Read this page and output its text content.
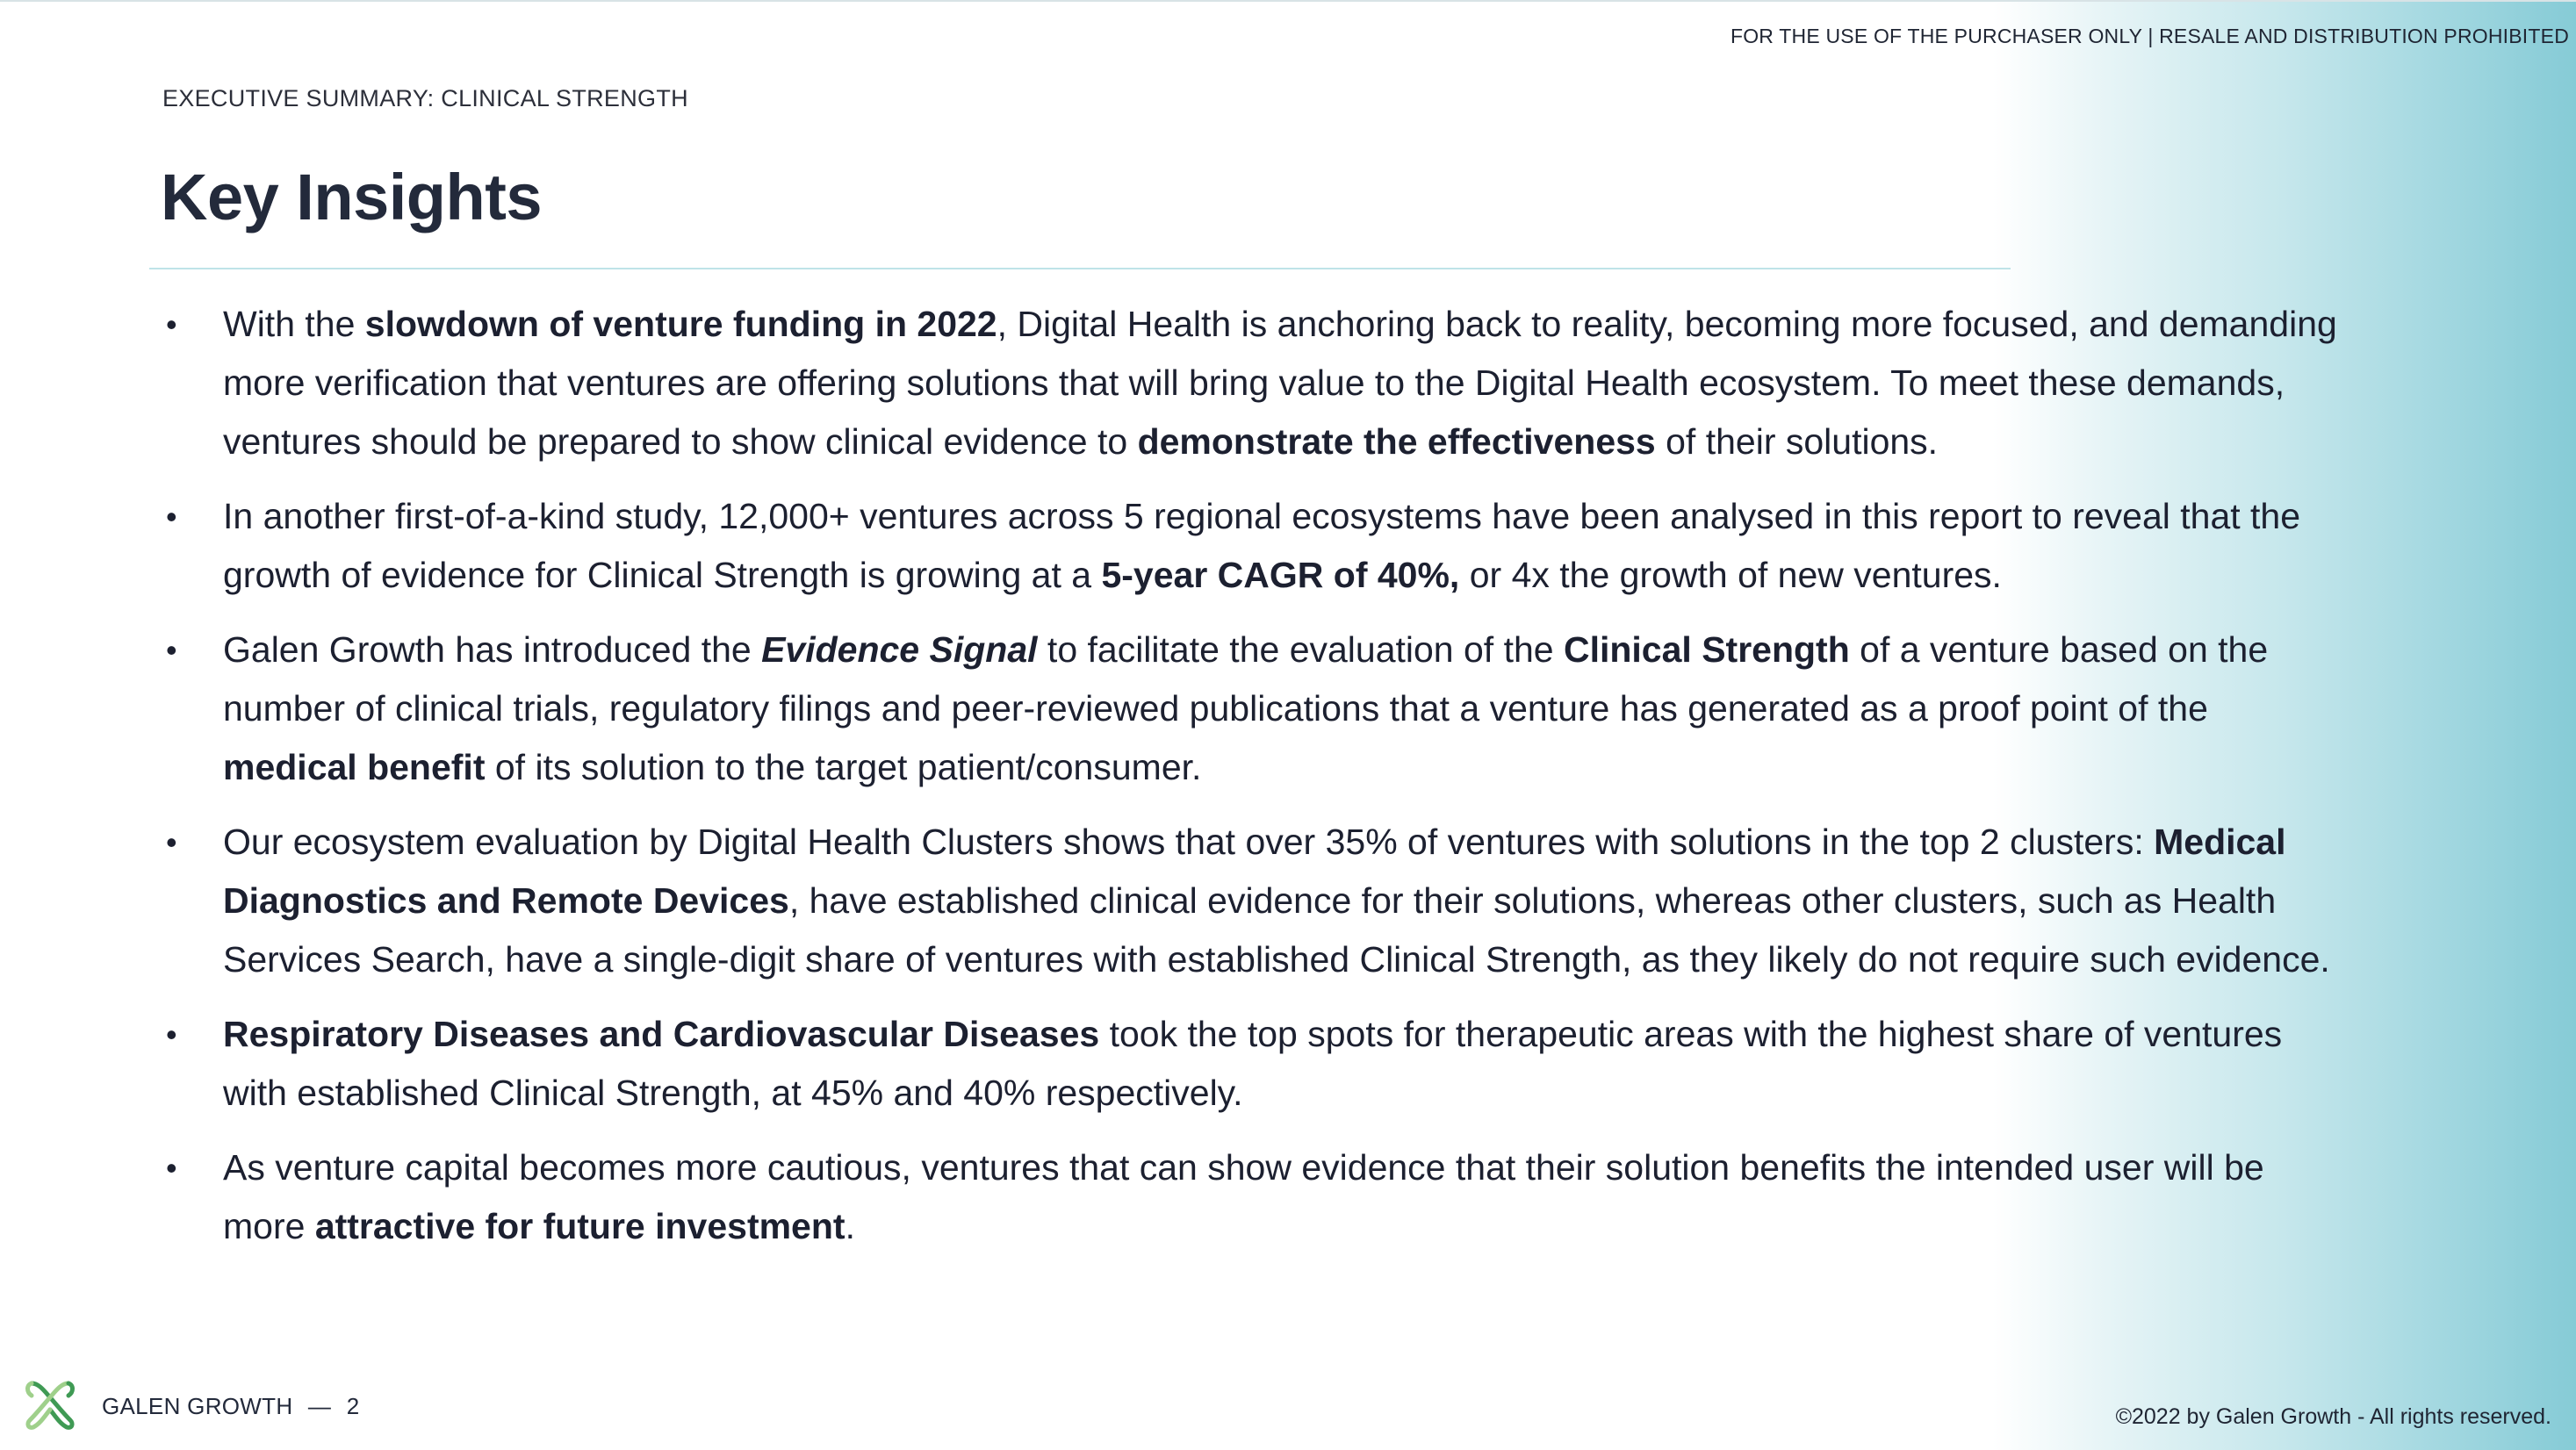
FOR THE USE OF THE PURCHASER ONLY | RESALE AND DISTRIBUTION PROHIBITED
EXECUTIVE SUMMARY: CLINICAL STRENGTH
Key Insights
• With the slowdown of venture funding in 2022, Digital Health is anchoring back to reality, becoming more focused, and demanding more verification that ventures are offering solutions that will bring value to the Digital Health ecosystem. To meet these demands, ventures should be prepared to show clinical evidence to demonstrate the effectiveness of their solutions.
• In another first-of-a-kind study, 12,000+ ventures across 5 regional ecosystems have been analysed in this report to reveal that the growth of evidence for Clinical Strength is growing at a 5-year CAGR of 40%, or 4x the growth of new ventures.
• Galen Growth has introduced the Evidence Signal to facilitate the evaluation of the Clinical Strength of a venture based on the number of clinical trials, regulatory filings and peer-reviewed publications that a venture has generated as a proof point of the medical benefit of its solution to the target patient/consumer.
• Our ecosystem evaluation by Digital Health Clusters shows that over 35% of ventures with solutions in the top 2 clusters: Medical Diagnostics and Remote Devices, have established clinical evidence for their solutions, whereas other clusters, such as Health Services Search, have a single-digit share of ventures with established Clinical Strength, as they likely do not require such evidence.
• Respiratory Diseases and Cardiovascular Diseases took the top spots for therapeutic areas with the highest share of ventures with established Clinical Strength, at 45% and 40% respectively.
• As venture capital becomes more cautious, ventures that can show evidence that their solution benefits the intended user will be more attractive for future investment.
GALEN GROWTH — 2	©2022 by Galen Growth - All rights reserved.
